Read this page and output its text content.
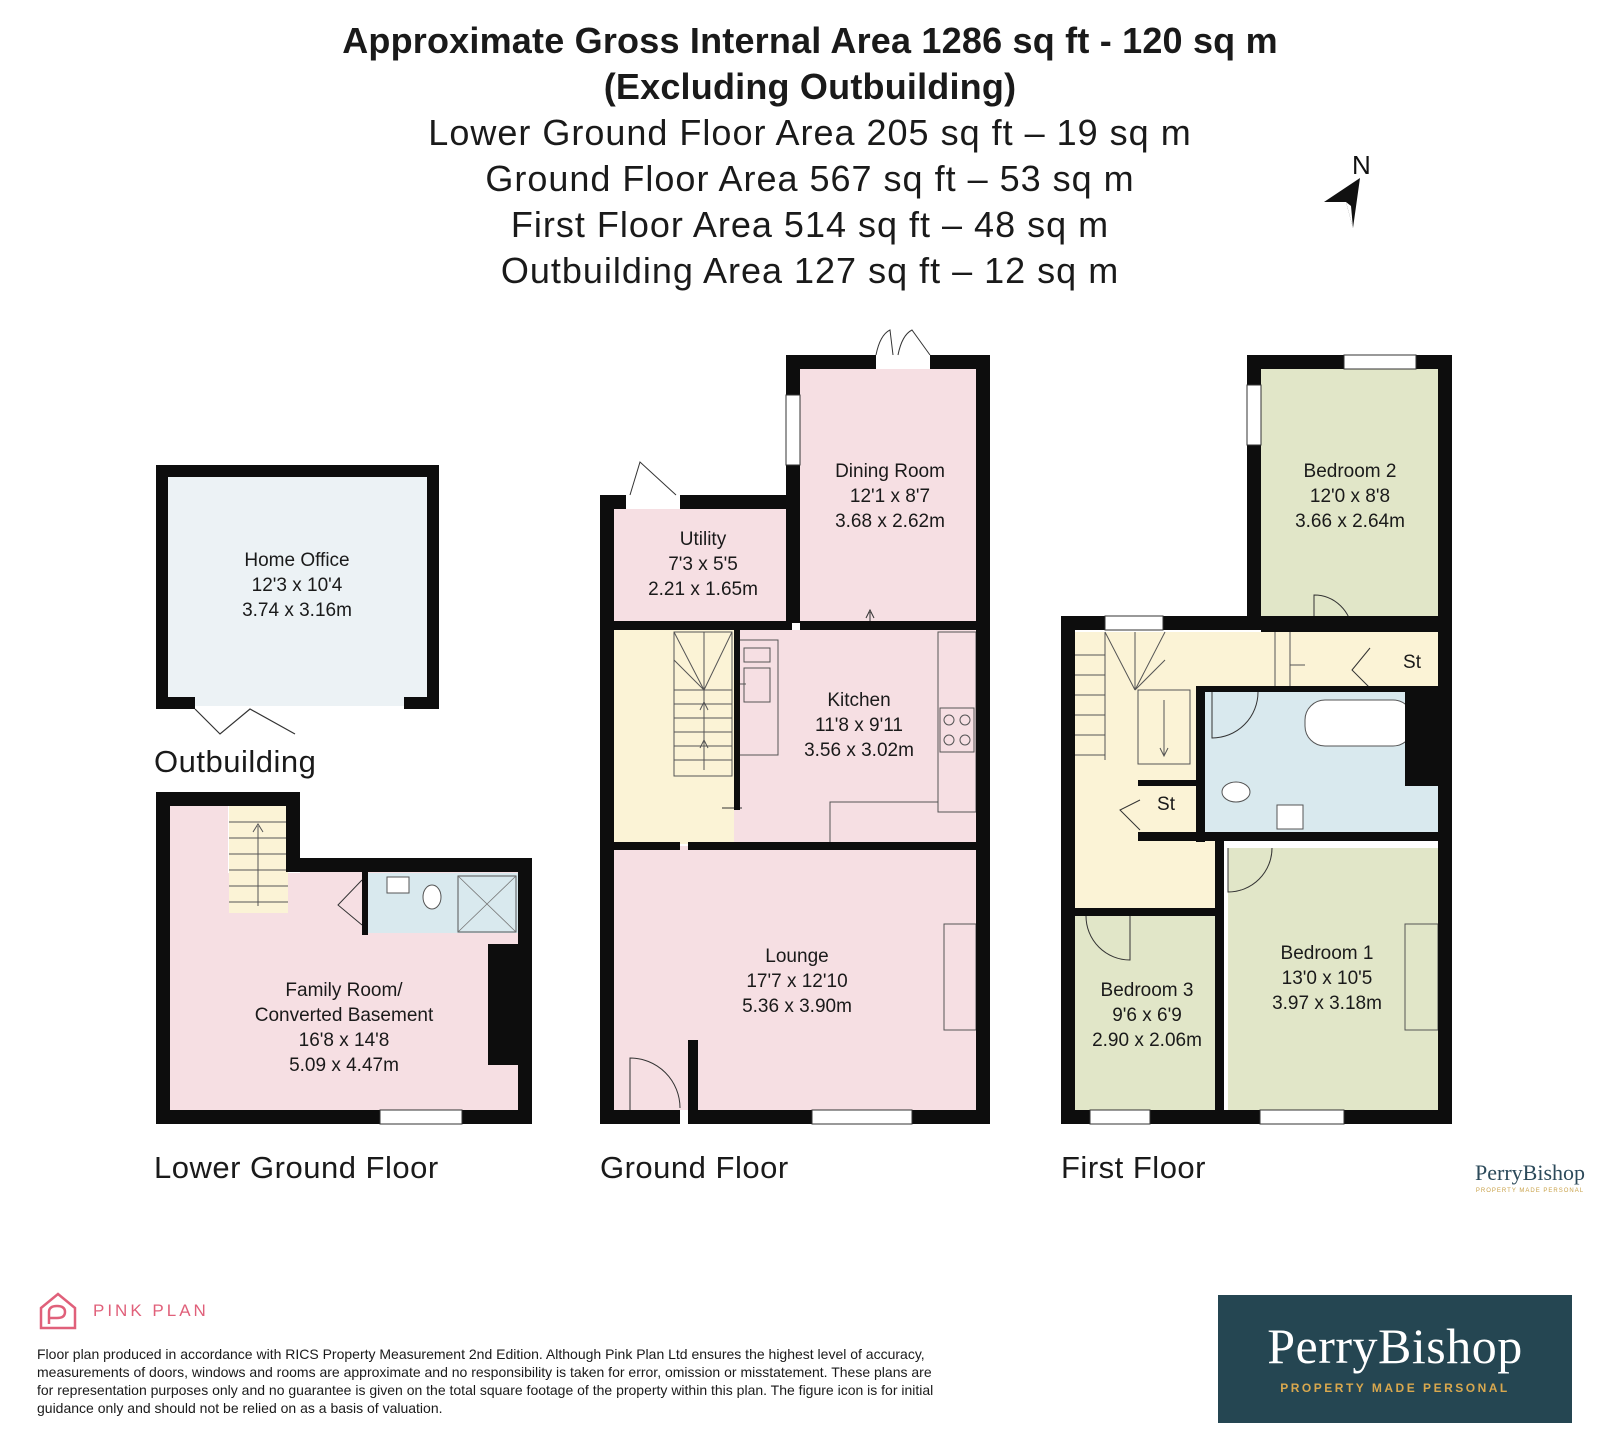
Approximate Gross Internal Area 1286 sq ft - 120 sq m
(Excluding Outbuilding)
Lower Ground Floor Area 205 sq ft – 19 sq m
Ground Floor Area 567 sq ft – 53 sq m
First Floor Area 514 sq ft – 48 sq m
Outbuilding Area 127 sq ft – 12 sq m
N
Home Office
12'3 x 10'4
3.74 x 3.16m
Family Room/
Converted Basement
16'8 x 14'8
5.09 x 4.47m
Utility
7'3 x 5'5
2.21 x 1.65m
Dining Room
12'1 x 8'7
3.68 x 2.62m
Kitchen
11'8 x 9'11
3.56 x 3.02m
Lounge
17'7 x 12'10
5.36 x 3.90m
Bedroom 2
12'0 x 8'8
3.66 x 2.64m
Bedroom 1
13'0 x 10'5
3.97 x 3.18m
Bedroom 3
9'6 x 6'9
2.90 x 2.06m
St
St
Outbuilding
Lower Ground Floor	Ground Floor	First Floor	PerryBishop
PROPERTY MADE PERSONAL
PINK PLAN
Floor plan produced in accordance with RICS Property Measurement 2nd Edition. Although Pink Plan Ltd ensures the highest level of accuracy, measurements of doors, windows and rooms are approximate and no responsibility is taken for error, omission or misstatement. These plans are for representation purposes only and no guarantee is given on the total square footage of the property within this plan. The figure icon is for initial guidance only and should not be relied on as a basis of valuation.
PerryBishop
PROPERTY MADE PERSONAL
